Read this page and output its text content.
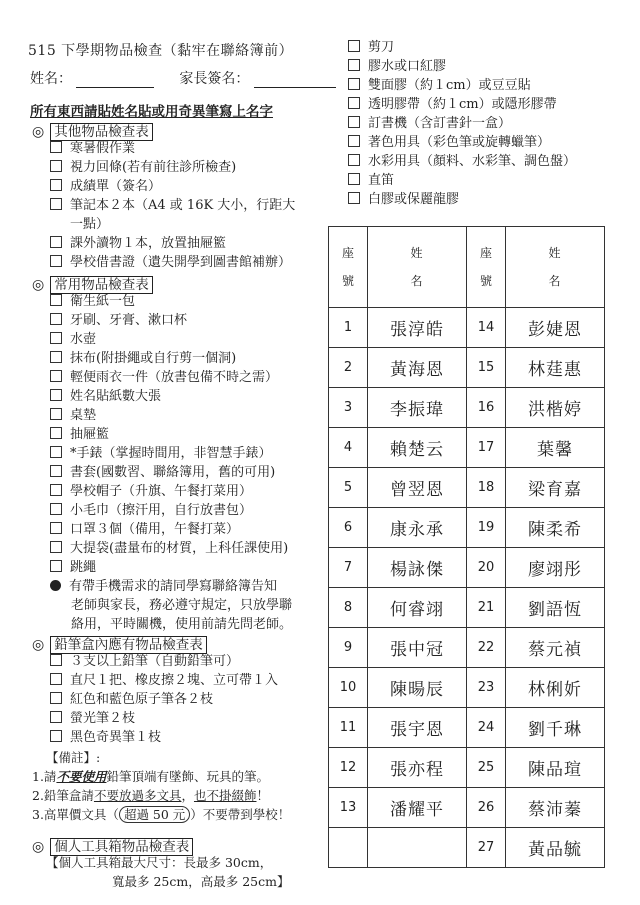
515 下學期物品檢查（黏牢在聯絡簿前）
姓名：	家長簽名：
所有東西請貼姓名貼或用奇異筆寫上名字
◎ 其他物品檢查表
寒暑假作業
視力回條(若有前往診所檢查)
成績單（簽名）
筆記本２本（A4 或 16K 大小，行距大
一點）
課外讀物１本，放置抽屜籃
學校借書證（遺失開學到圖書館補辦）
◎ 常用物品檢查表
衛生紙一包
牙刷、牙膏、漱口杯
水壺
抹布(附掛繩或自行剪一個洞)
輕便雨衣一件（放書包備不時之需）
姓名貼紙數大張
桌墊
抽屜籃
*手錶（掌握時間用，非智慧手錶）
書套(國數習、聯絡簿用，舊的可用)
學校帽子（升旗、午餐打菜用）
小毛巾（擦汗用，自行放書包）
口罩３個（備用，午餐打菜）
大提袋(盡量布的材質，上科任課使用)
跳繩
有帶手機需求的請同學寫聯絡簿告知
老師與家長，務必遵守規定，只放學聯
絡用，平時關機，使用前請先問老師。
◎ 鉛筆盒內應有物品檢查表
３支以上鉛筆（自動鉛筆可）
直尺１把、橡皮擦２塊、立可帶１入
紅色和藍色原子筆各２枝
螢光筆２枝
黑色奇異筆１枝
【備註】:
1.請不要使用鉛筆頂端有墜飾、玩具的筆。
2.鉛筆盒請不要放過多文具，也不掛綴飾！
3.高單價文具（ 超過 50 元 ）不要帶到學校！
◎ 個人工具箱物品檢查表
【個人工具箱最大尺寸：長最多 30cm，
寬最多 25cm，高最多 25cm】
剪刀
膠水或口紅膠
雙面膠（約１cm）或豆豆貼
透明膠帶（約１cm）或隱形膠帶
訂書機（含訂書針一盒）
著色用具（彩色筆或旋轉蠟筆）
水彩用具（顏料、水彩筆、調色盤）
直笛
白膠或保麗龍膠
座
號	姓
名	座
號	姓
名
1	張淳皓	14	彭婕恩
2	黃海恩	15	林莛惠
3	李振瑋	16	洪楷婷
4	賴楚云	17	葉馨
5	曾翌恩	18	梁育嘉
6	康永承	19	陳柔希
7	楊詠傑	20	廖翊彤
8	何睿翊	21	劉語恆
9	張中冠	22	蔡元禎
10	陳暘辰	23	林俐妡
11	張宇恩	24	劉千琳
12	張亦程	25	陳品瑄
13	潘耀平	26	蔡沛蓁
		27	黃品毓
